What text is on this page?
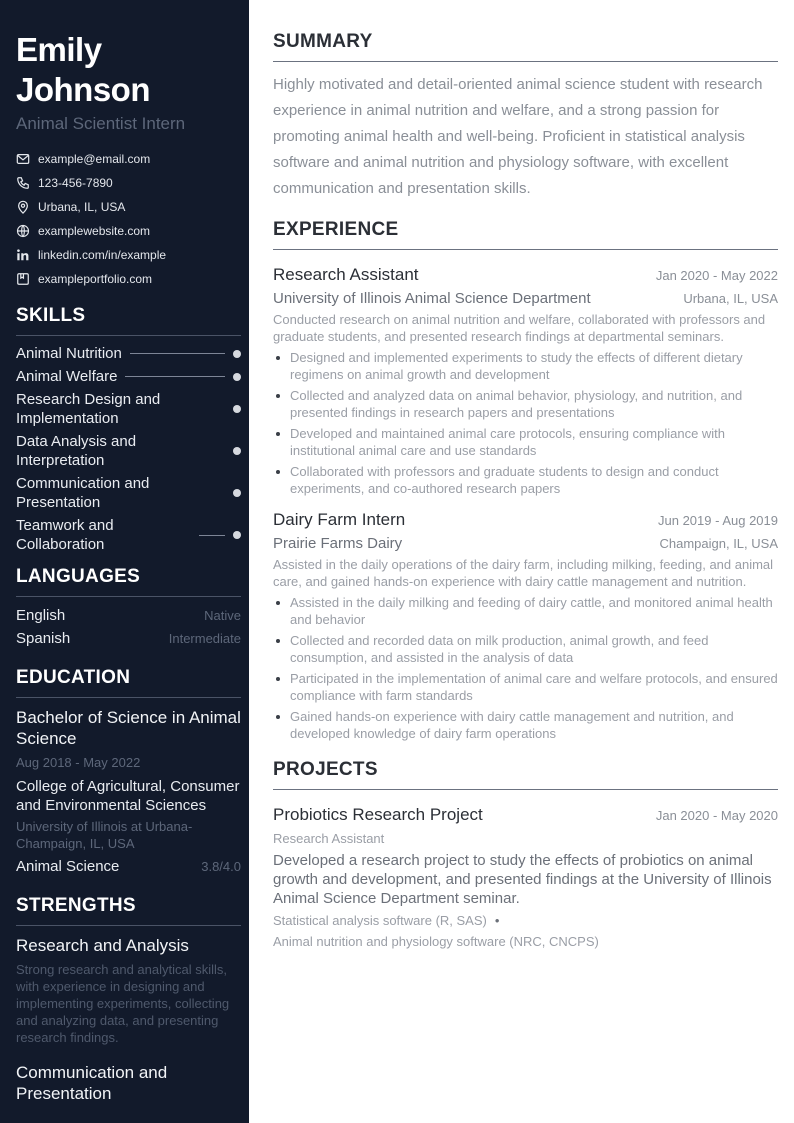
Emily Johnson
Animal Scientist Intern
example@email.com
123-456-7890
Urbana, IL, USA
examplewebsite.com
linkedin.com/in/example
exampleportfolio.com
SKILLS
Animal Nutrition
Animal Welfare
Research Design and Implementation
Data Analysis and Interpretation
Communication and Presentation
Teamwork and Collaboration
LANGUAGES
English	Native
Spanish	Intermediate
EDUCATION
Bachelor of Science in Animal Science
Aug 2018 - May 2022
College of Agricultural, Consumer and Environmental Sciences
University of Illinois at Urbana-Champaign, IL, USA
Animal Science	3.8/4.0
STRENGTHS
Research and Analysis
Strong research and analytical skills, with experience in designing and implementing experiments, collecting and analyzing data, and presenting research findings.
Communication and Presentation
SUMMARY

Highly motivated and detail-oriented animal science student with research experience in animal nutrition and welfare, and a strong passion for promoting animal health and well-being. Proficient in statistical analysis software and animal nutrition and physiology software, with excellent communication and presentation skills.

EXPERIENCE
Research Assistant	Jan 2020 - May 2022
University of Illinois Animal Science Department	Urbana, IL, USA

Conducted research on animal nutrition and welfare, collaborated with professors and graduate students, and presented research findings at departmental seminars.

Designed and implemented experiments to study the effects of different dietary regimens on animal growth and development
Collected and analyzed data on animal behavior, physiology, and nutrition, and presented findings in research papers and presentations
Developed and maintained animal care protocols, ensuring compliance with institutional animal care and use standards
Collaborated with professors and graduate students to design and conduct experiments, and co-authored research papers
Dairy Farm Intern	Jun 2019 - Aug 2019
Prairie Farms Dairy	Champaign, IL, USA

Assisted in the daily operations of the dairy farm, including milking, feeding, and animal care, and gained hands-on experience with dairy cattle management and nutrition.

Assisted in the daily milking and feeding of dairy cattle, and monitored animal health and behavior
Collected and recorded data on milk production, animal growth, and feed consumption, and assisted in the analysis of data
Participated in the implementation of animal care and welfare protocols, and ensured compliance with farm standards
Gained hands-on experience with dairy cattle management and nutrition, and developed knowledge of dairy farm operations
PROJECTS
Probiotics Research Project	Jan 2020 - May 2020
Research Assistant

Developed a research project to study the effects of probiotics on animal growth and development, and presented findings at the University of Illinois Animal Science Department seminar.

Statistical analysis software (R, SAS) •
Animal nutrition and physiology software (NRC, CNCPS)
